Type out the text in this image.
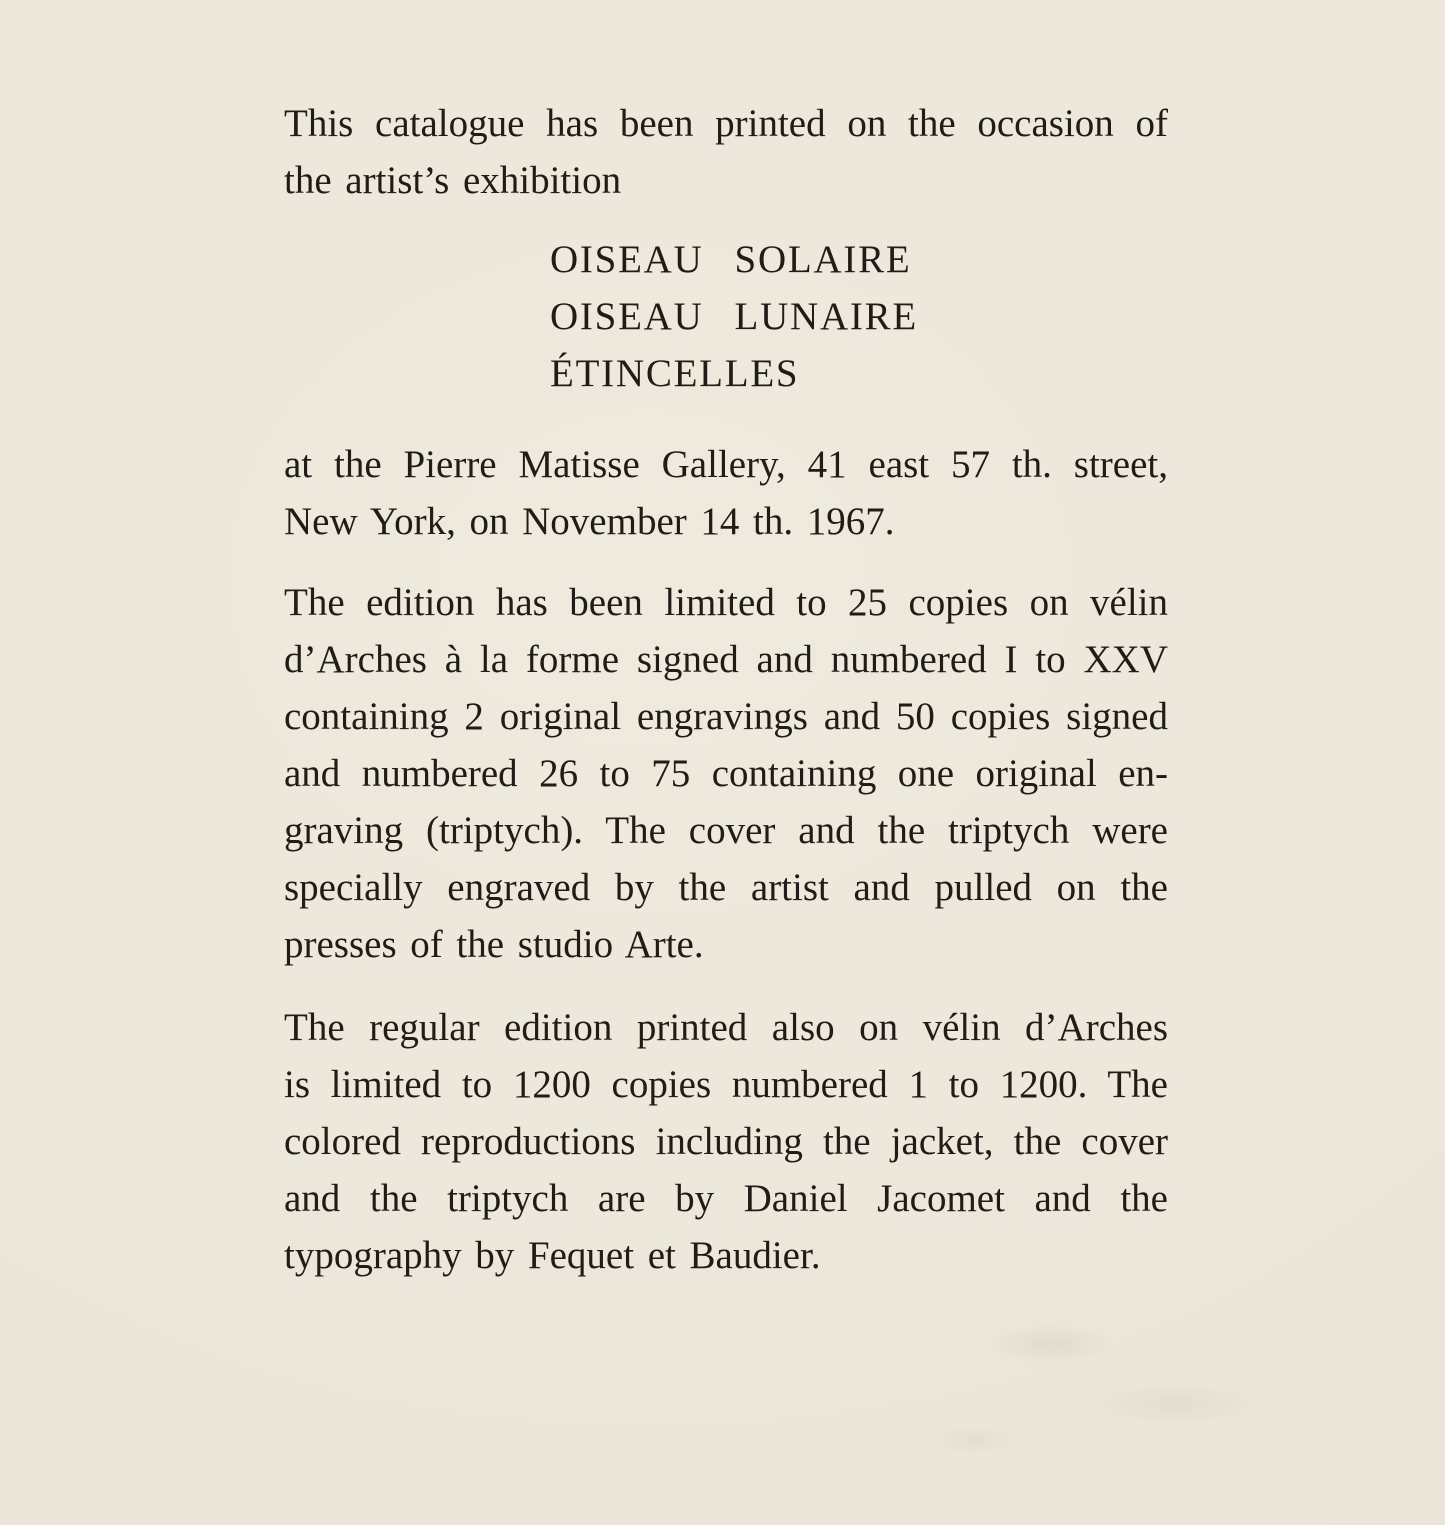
This catalogue has been printed on the occasion of
the artist’s exhibition
OISEAU SOLAIRE
OISEAU LUNAIRE
ÉTINCELLES
at the Pierre Matisse Gallery, 41 east 57 th. street,
New York, on November 14 th. 1967.
The edition has been limited to 25 copies on vélin
d’Arches à la forme signed and numbered I to XXV
containing 2 original engravings and 50 copies signed
and numbered 26 to 75 containing one original en-
graving (triptych). The cover and the triptych were
specially engraved by the artist and pulled on the
presses of the studio Arte.
The regular edition printed also on vélin d’Arches
is limited to 1200 copies numbered 1 to 1200. The
colored reproductions including the jacket, the cover
and the triptych are by Daniel Jacomet and the
typography by Fequet et Baudier.
